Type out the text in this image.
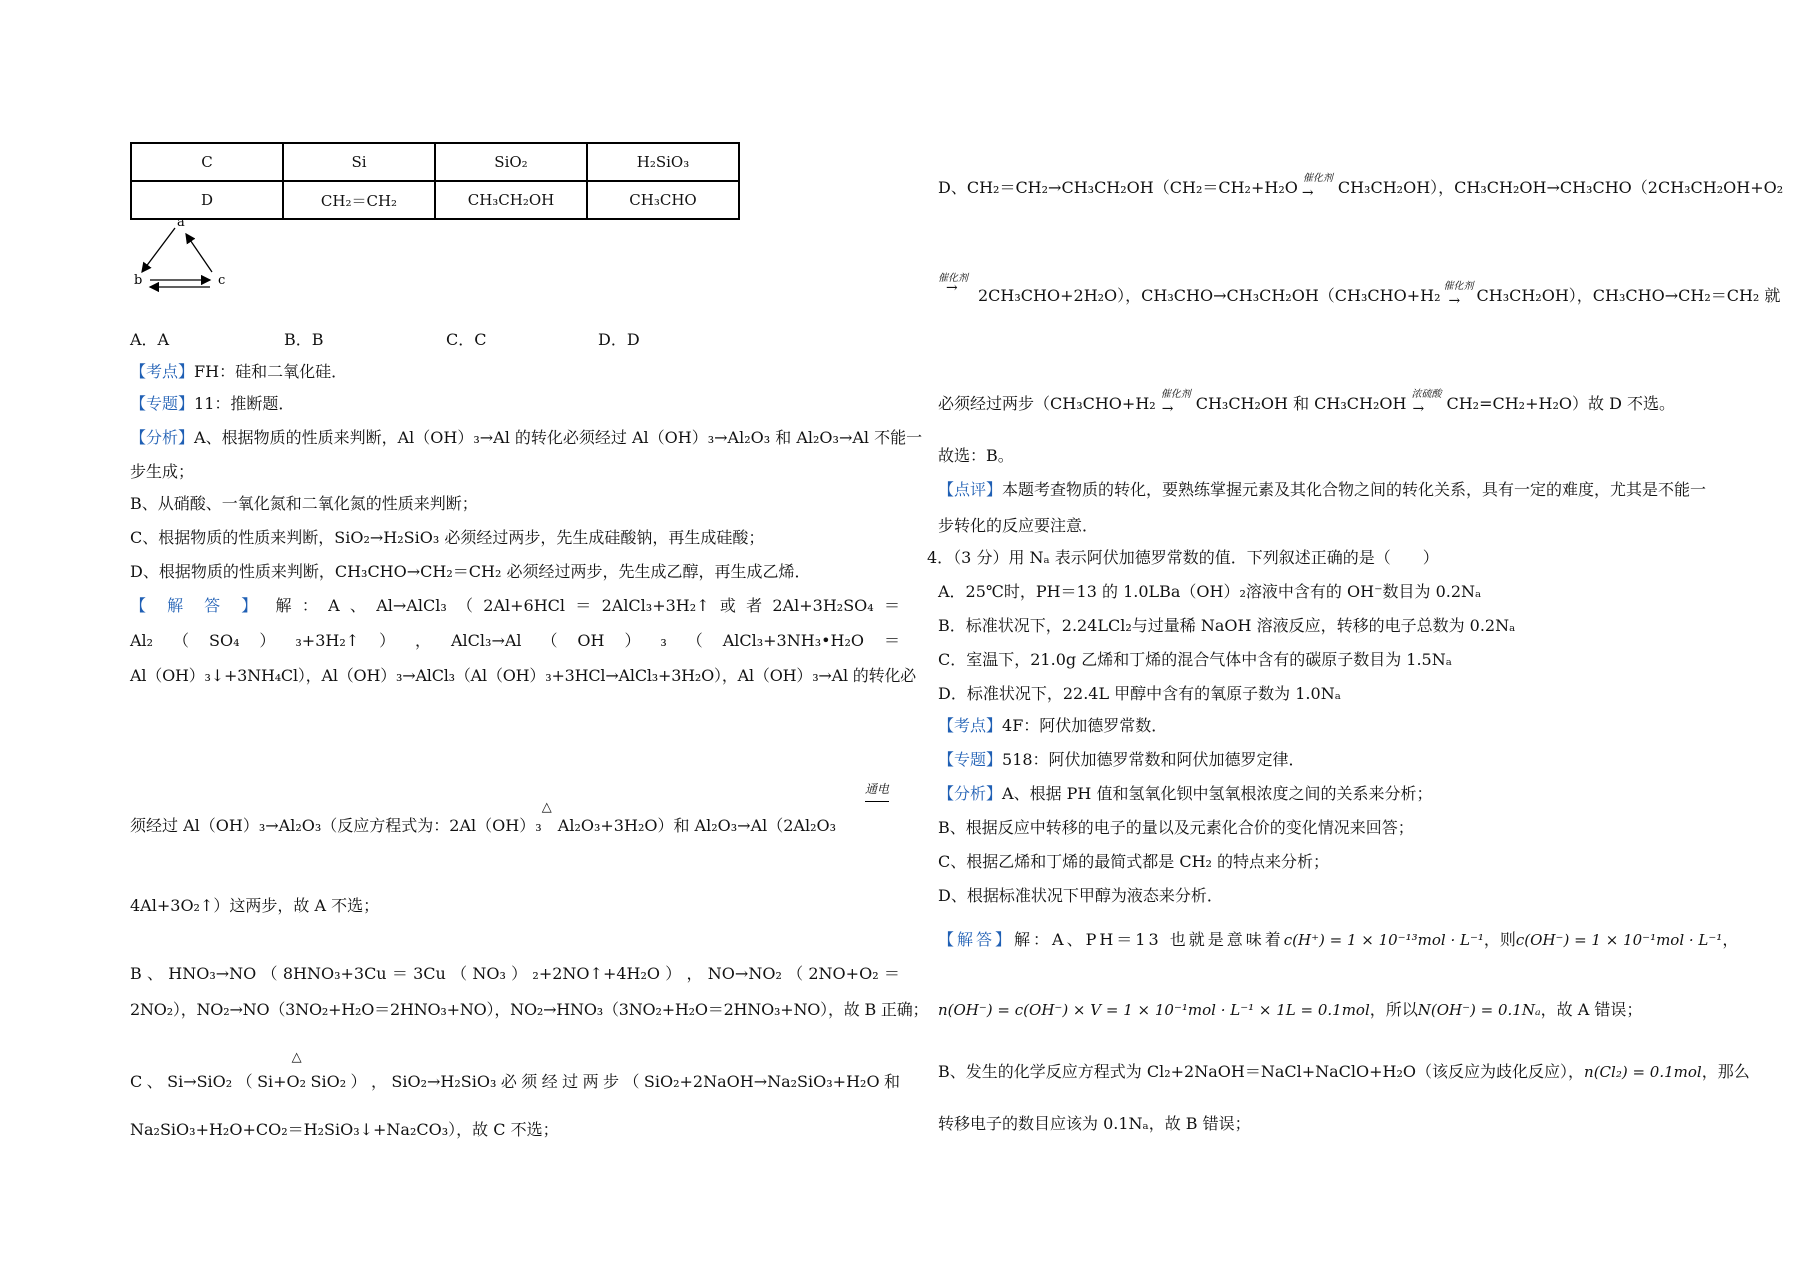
C	Si	SiO₂	H₂SiO₃
D	CH₂＝CH₂	CH₃CH₂OH	CH₃CHO
a
b	c
A．A	B．B	C．C	D．D
【考点】FH：硅和二氧化硅．
【专题】11：推断题．
【分析】A、根据物质的性质来判断，Al（OH）₃→Al 的转化必须经过 Al（OH）₃→Al₂O₃ 和 Al₂O₃→Al 不能一
步生成；
B、从硝酸、一氧化氮和二氧化氮的性质来判断；
C、根据物质的性质来判断，SiO₂→H₂SiO₃ 必须经过两步，先生成硅酸钠，再生成硅酸；
D、根据物质的性质来判断，CH₃CHO→CH₂＝CH₂ 必须经过两步，先生成乙醇，再生成乙烯．
【 解 答 】 解 ： A 、 Al→AlCl₃ （ 2Al+6HCl ＝ 2AlCl₃+3H₂↑ 或 者 2Al+3H₂SO₄ ＝
Al₂ （ SO₄ ） ₃+3H₂↑ ） ， AlCl₃→Al （ OH ） ₃ （ AlCl₃+3NH₃•H₂O ＝
Al（OH）₃↓+3NH₄Cl），Al（OH）₃→AlCl₃（Al（OH）₃+3HCl→AlCl₃+3H₂O），Al（OH）₃→Al 的转化必
须经过 Al（OH）₃→Al₂O₃（反应方程式为：2Al（OH）₃
△
Al₂O₃+3H₂O）和 Al₂O₃→Al（2Al₂O₃
通电
4Al+3O₂↑）这两步，故 A 不选；
B 、 HNO₃→NO （ 8HNO₃+3Cu ＝ 3Cu （ NO₃ ） ₂+2NO↑+4H₂O ） ， NO→NO₂ （ 2NO+O₂ ＝
2NO₂），NO₂→NO（3NO₂+H₂O＝2HNO₃+NO），NO₂→HNO₃（3NO₂+H₂O＝2HNO₃+NO），故 B 正确；
C 、 Si→SiO₂ （
△
Si+O₂ SiO₂ ） ， SiO₂→H₂SiO₃ 必 须 经 过 两 步 （ SiO₂+2NaOH→Na₂SiO₃+H₂O 和
Na₂SiO₃+H₂O+CO₂＝H₂SiO₃↓+Na₂CO₃），故 C 不选；
D、CH₂＝CH₂→CH₃CH₂OH（CH₂＝CH₂+H₂O 催化剂
→ CH₃CH₂OH），CH₃CH₂OH→CH₃CHO（2CH₃CH₂OH+O₂
催化剂
→ 2CH₃CHO+2H₂O），CH₃CHO→CH₃CH₂OH（CH₃CHO+H₂ 催化剂
→ CH₃CH₂OH），CH₃CHO→CH₂＝CH₂ 就
必须经过两步（CH₃CHO+H₂ 催化剂
→ CH₃CH₂OH 和 CH₃CH₂OH 浓硫酸
→ CH₂=CH₂+H₂O）故 D 不选。
故选：B。
【点评】本题考查物质的转化，要熟练掌握元素及其化合物之间的转化关系，具有一定的难度，尤其是不能一
步转化的反应要注意．
4．（3 分）用 Nₐ 表示阿伏加德罗常数的值．下列叙述正确的是（　　）
A．25℃时，PH＝13 的 1.0LBa（OH）₂溶液中含有的 OH⁻数目为 0.2Nₐ
B．标准状况下，2.24LCl₂与过量稀 NaOH 溶液反应，转移的电子总数为 0.2Nₐ
C．室温下，21.0g 乙烯和丁烯的混合气体中含有的碳原子数目为 1.5Nₐ
D．标准状况下，22.4L 甲醇中含有的氧原子数为 1.0Nₐ
【考点】4F：阿伏加德罗常数．
【专题】518：阿伏加德罗常数和阿伏加德罗定律．
【分析】A、根据 PH 值和氢氧化钡中氢氧根浓度之间的关系来分析；
B、根据反应中转移的电子的量以及元素化合价的变化情况来回答；
C、根据乙烯和丁烯的最简式都是 CH₂ 的特点来分析；
D、根据标准状况下甲醇为液态来分析．
【解答】解：A、PH＝13 也就是意味着c(H⁺) = 1 × 10⁻¹³mol · L⁻¹，则c(OH⁻) = 1 × 10⁻¹mol · L⁻¹，
n(OH⁻) = c(OH⁻) × V = 1 × 10⁻¹mol · L⁻¹ × 1L = 0.1mol，所以N(OH⁻) = 0.1Nₐ，故 A 错误；
B、发生的化学反应方程式为 Cl₂+2NaOH＝NaCl+NaClO+H₂O（该反应为歧化反应），n(Cl₂) = 0.1mol，那么
转移电子的数目应该为 0.1Nₐ，故 B 错误；
